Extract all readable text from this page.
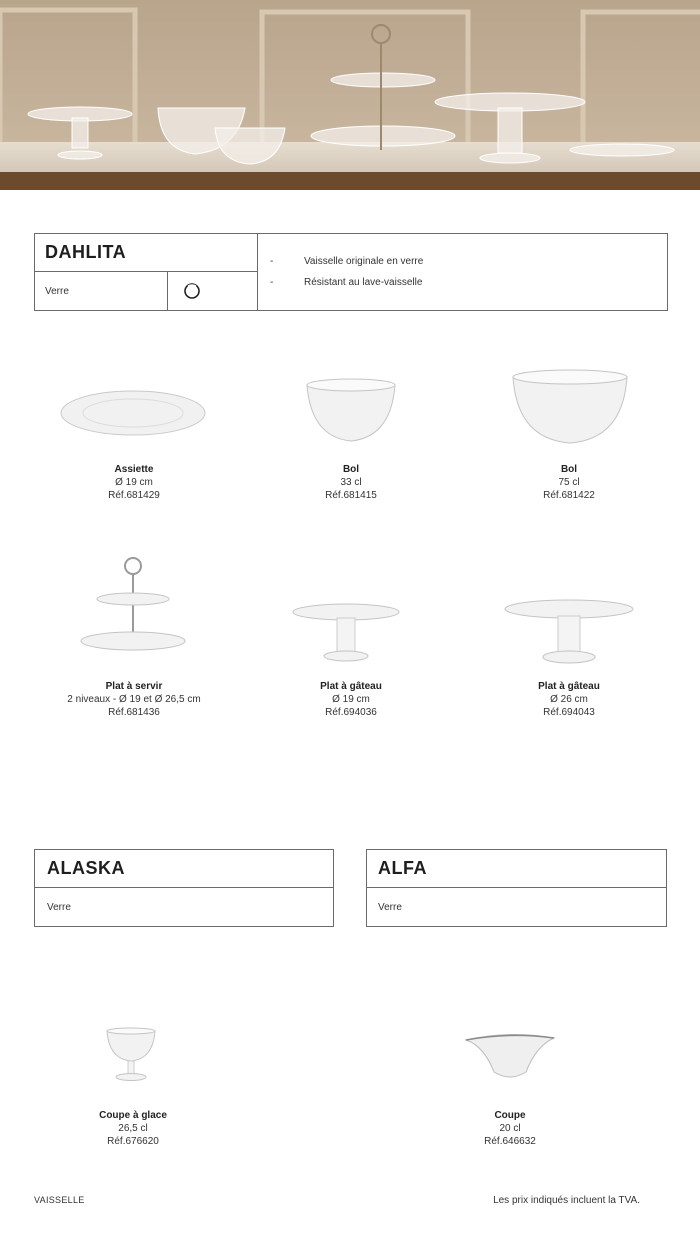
DAHLITA
Verre
-	Vaisselle originale en verre
-	Résistant au lave-vaisselle
Assiette
Ø 19 cm
Réf.681429
Bol
33 cl
Réf.681415
Bol
75 cl
Réf.681422
Plat à servir
2 niveaux - Ø 19 et Ø 26,5 cm
Réf.681436
Plat à gâteau
Ø 19 cm
Réf.694036
Plat à gâteau
Ø 26 cm
Réf.694043
ALASKA
Verre
ALFA
Verre
Coupe à glace
26,5 cl
Réf.676620
Coupe
20 cl
Réf.646632
VAISSELLE	Les prix indiqués incluent la TVA.
